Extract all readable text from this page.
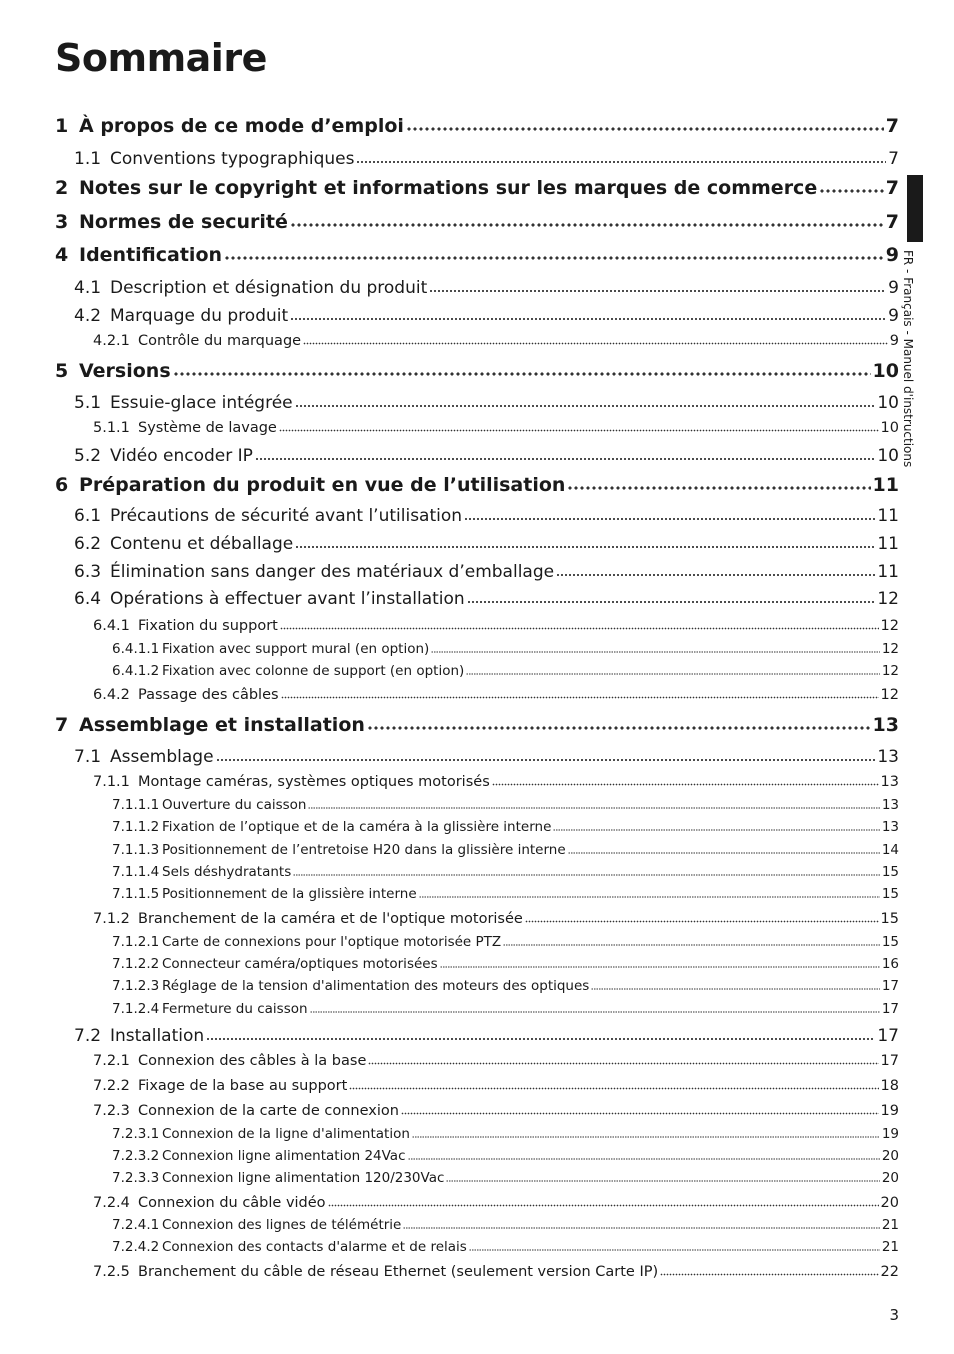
Sommaire
1 À propos de ce mode d’emploi	7
1.1 Conventions typographiques	7
2 Notes sur le copyright et informations sur les marques de commerce	7
3 Normes de securité	7
4 Identification	9
4.1 Description et désignation du produit	9
4.2 Marquage du produit	9
4.2.1 Contrôle du marquage	9
5 Versions	10
5.1 Essuie-glace intégrée	10
5.1.1 Système de lavage	10
5.2 Vidéo encoder IP	10
6 Préparation du produit en vue de l’utilisation	11
6.1 Précautions de sécurité avant l’utilisation	11
6.2 Contenu et déballage	11
6.3 Élimination sans danger des matériaux d’emballage	11
6.4 Opérations à effectuer avant l’installation	12
6.4.1 Fixation du support	12
6.4.1.1 Fixation avec support mural (en option)	12
6.4.1.2 Fixation avec colonne de support (en option)	12
6.4.2 Passage des câbles	12
7 Assemblage et installation	13
7.1 Assemblage	13
7.1.1 Montage caméras, systèmes optiques motorisés	13
7.1.1.1 Ouverture du caisson	13
7.1.1.2 Fixation de l’optique et de la caméra à la glissière interne	13
7.1.1.3 Positionnement de l’entretoise H20 dans la glissière interne	14
7.1.1.4 Sels déshydratants	15
7.1.1.5 Positionnement de la glissière interne	15
7.1.2 Branchement de la caméra et de l'optique motorisée	15
7.1.2.1 Carte de connexions pour l'optique motorisée PTZ	15
7.1.2.2 Connecteur caméra/optiques motorisées	16
7.1.2.3 Réglage de la tension d'alimentation des moteurs des optiques	17
7.1.2.4 Fermeture du caisson	17
7.2 Installation	17
7.2.1 Connexion des câbles à la base	17
7.2.2 Fixage de la base au support	18
7.2.3 Connexion de la carte de connexion	19
7.2.3.1 Connexion de la ligne d'alimentation	19
7.2.3.2 Connexion ligne alimentation 24Vac	20
7.2.3.3 Connexion ligne alimentation 120/230Vac	20
7.2.4 Connexion du câble vidéo	20
7.2.4.1 Connexion des lignes de télémétrie	21
7.2.4.2 Connexion des contacts d'alarme et de relais	21
7.2.5 Branchement du câble de réseau Ethernet (seulement version Carte IP)	22
FR - Français - Manuel d'instructions
3
